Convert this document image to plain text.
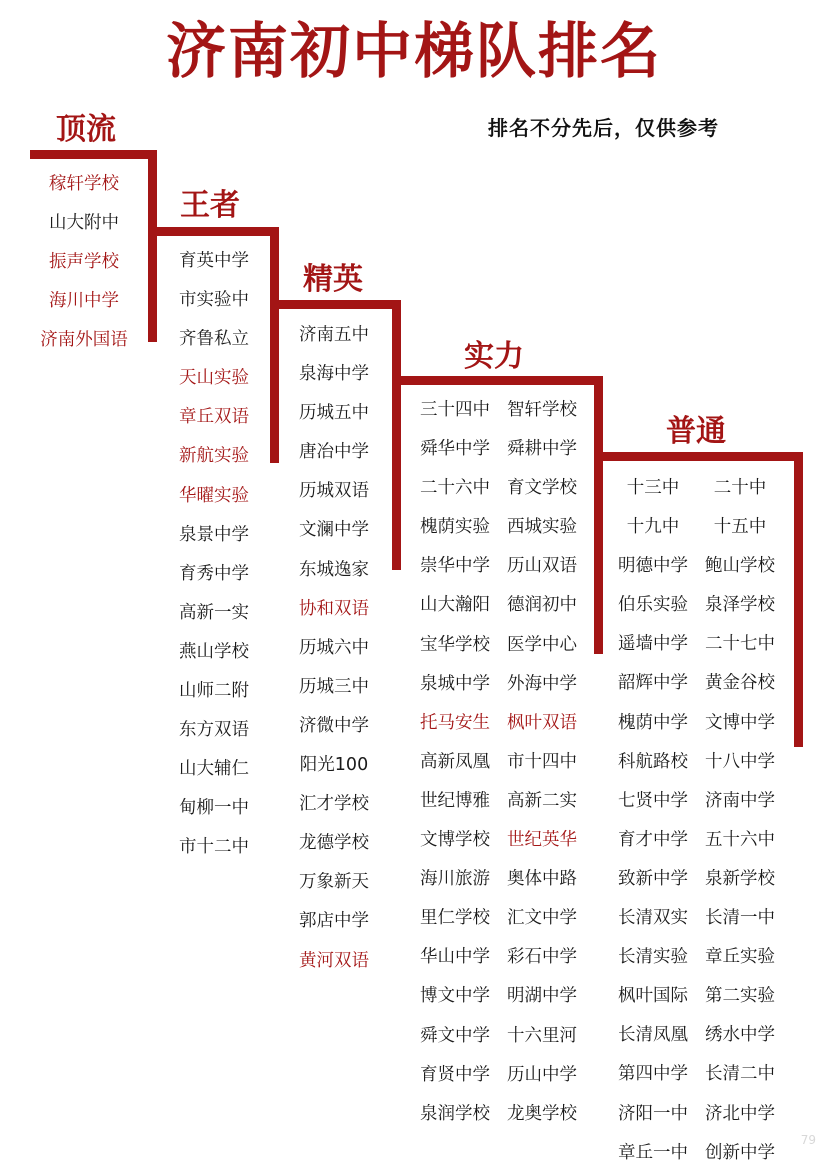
济南初中梯队排名

排名不分先后，仅供参考

顶流
王者
精英
实力
普通
稼轩学校
山大附中
振声学校
海川中学
济南外国语
育英中学
市实验中
齐鲁私立
天山实验
章丘双语
新航实验
华曜实验
泉景中学
育秀中学
高新一实
燕山学校
山师二附
东方双语
山大辅仁
甸柳一中
市十二中
济南五中
泉海中学
历城五中
唐冶中学
历城双语
文澜中学
东城逸家
协和双语
历城六中
历城三中
济微中学
阳光100
汇才学校
龙德学校
万象新天
郭店中学
黄河双语
三十四中
舜华中学
二十六中
槐荫实验
崇华中学
山大瀚阳
宝华学校
泉城中学
托马安生
高新凤凰
世纪博雅
文博学校
海川旅游
里仁学校
华山中学
博文中学
舜文中学
育贤中学
泉润学校
智轩学校
舜耕中学
育文学校
西城实验
历山双语
德润初中
医学中心
外海中学
枫叶双语
市十四中
高新二实
世纪英华
奥体中路
汇文中学
彩石中学
明湖中学
十六里河
历山中学
龙奥学校
十三中
十九中
明德中学
伯乐实验
遥墙中学
韶辉中学
槐荫中学
科航路校
七贤中学
育才中学
致新中学
长清双实
长清实验
枫叶国际
长清凤凰
第四中学
济阳一中
章丘一中
二十中
十五中
鲍山学校
泉泽学校
二十七中
黄金谷校
文博中学
十八中学
济南中学
五十六中
泉新学校
长清一中
章丘实验
第二实验
绣水中学
长清二中
济北中学
创新中学
79
